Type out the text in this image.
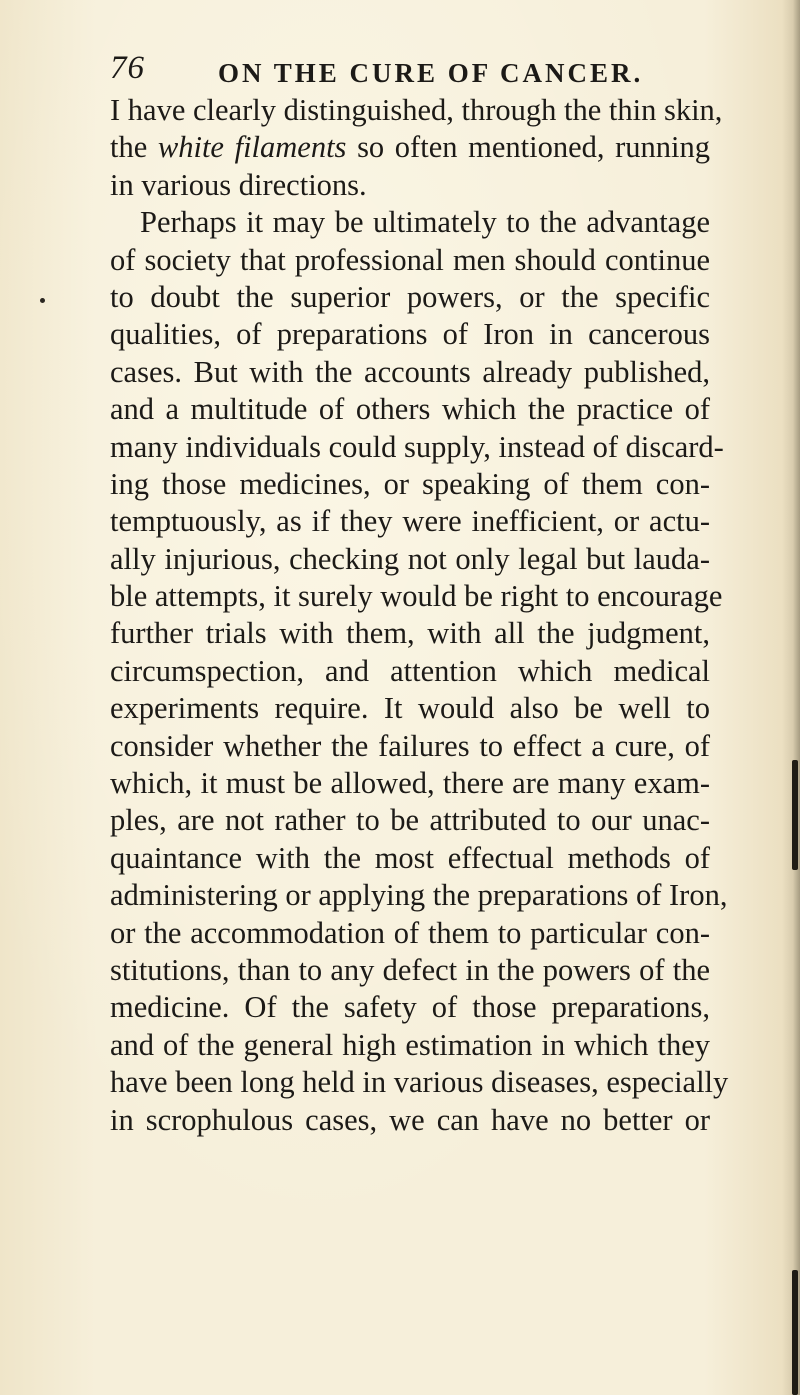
76	ON THE CURE OF CANCER.
I have clearly distinguished, through the thin skin,
the white filaments so often mentioned, running
in various directions.
Perhaps it may be ultimately to the advantage
of society that professional men should continue
to doubt the superior powers, or the specific
qualities, of preparations of Iron in cancerous
cases. But with the accounts already published,
and a multitude of others which the practice of
many individuals could supply, instead of discard-
ing those medicines, or speaking of them con-
temptuously, as if they were inefficient, or actu-
ally injurious, checking not only legal but lauda-
ble attempts, it surely would be right to encourage
further trials with them, with all the judgment,
circumspection, and attention which medical
experiments require. It would also be well to
consider whether the failures to effect a cure, of
which, it must be allowed, there are many exam-
ples, are not rather to be attributed to our unac-
quaintance with the most effectual methods of
administering or applying the preparations of Iron,
or the accommodation of them to particular con-
stitutions, than to any defect in the powers of the
medicine. Of the safety of those preparations,
and of the general high estimation in which they
have been long held in various diseases, especially
in scrophulous cases, we can have no better or
